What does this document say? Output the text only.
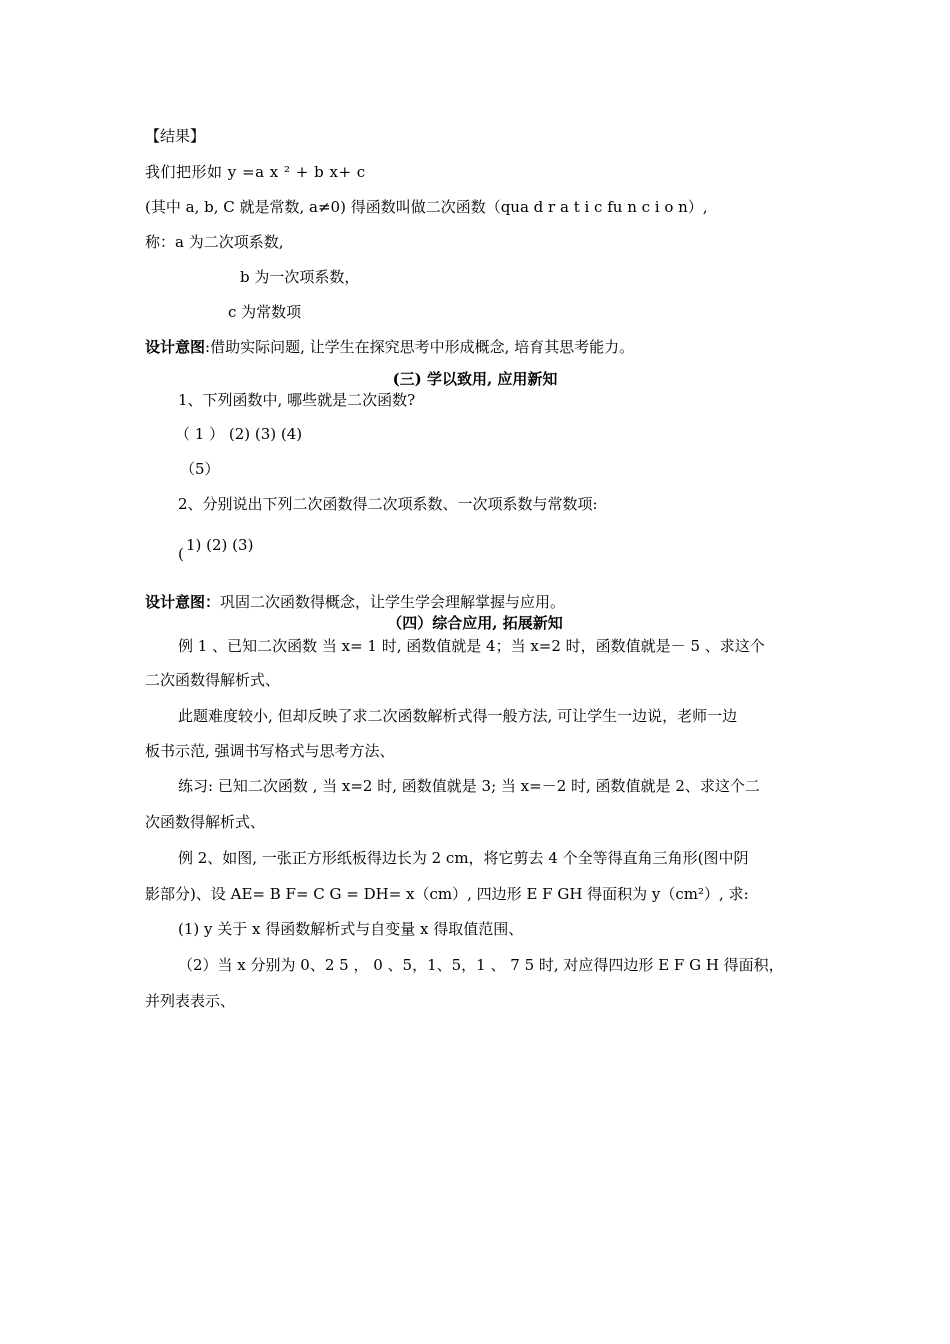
【结果】
我们把形如 y =a x ² + b x+ c
(其中 a, b, C 就是常数, a≠0) 得函数叫做二次函数（qua d r a t i c fu n c i o n）,
称：a 为二次项系数,
b 为一次项系数，
c 为常数项
设计意图:借助实际问题, 让学生在探究思考中形成概念, 培育其思考能力。
(三) 学以致用, 应用新知
1、下列函数中, 哪些就是二次函数?
（ 1 ） (2) (3) (4)
（5）
2、分别说出下列二次函数得二次项系数、一次项系数与常数项:
( 1) (2) (3)
设计意图：巩固二次函数得概念，让学生学会理解掌握与应用。
（四）综合应用, 拓展新知
例 1 、已知二次函数 当 x= 1 时, 函数值就是 4；当 x=2 时，函数值就是－ 5 、求这个
二次函数得解析式、
此题难度较小, 但却反映了求二次函数解析式得一般方法, 可让学生一边说，老师一边
板书示范, 强调书写格式与思考方法、
练习: 已知二次函数 , 当 x=2 时, 函数值就是 3; 当 x=－2 时, 函数值就是 2、求这个二
次函数得解析式、
例 2、如图, 一张正方形纸板得边长为 2 cm，将它剪去 4 个全等得直角三角形(图中阴
影部分)、设 AE= B F= C G = DH= x（cm）, 四边形 E F GH 得面积为 y（cm²）, 求:
(1) y 关于 x 得函数解析式与自变量 x 得取值范围、
（2）当 x 分别为 0、2 5 ， 0 、5，1、5，1 、 7 5 时, 对应得四边形 E F G H 得面积，
并列表表示、
